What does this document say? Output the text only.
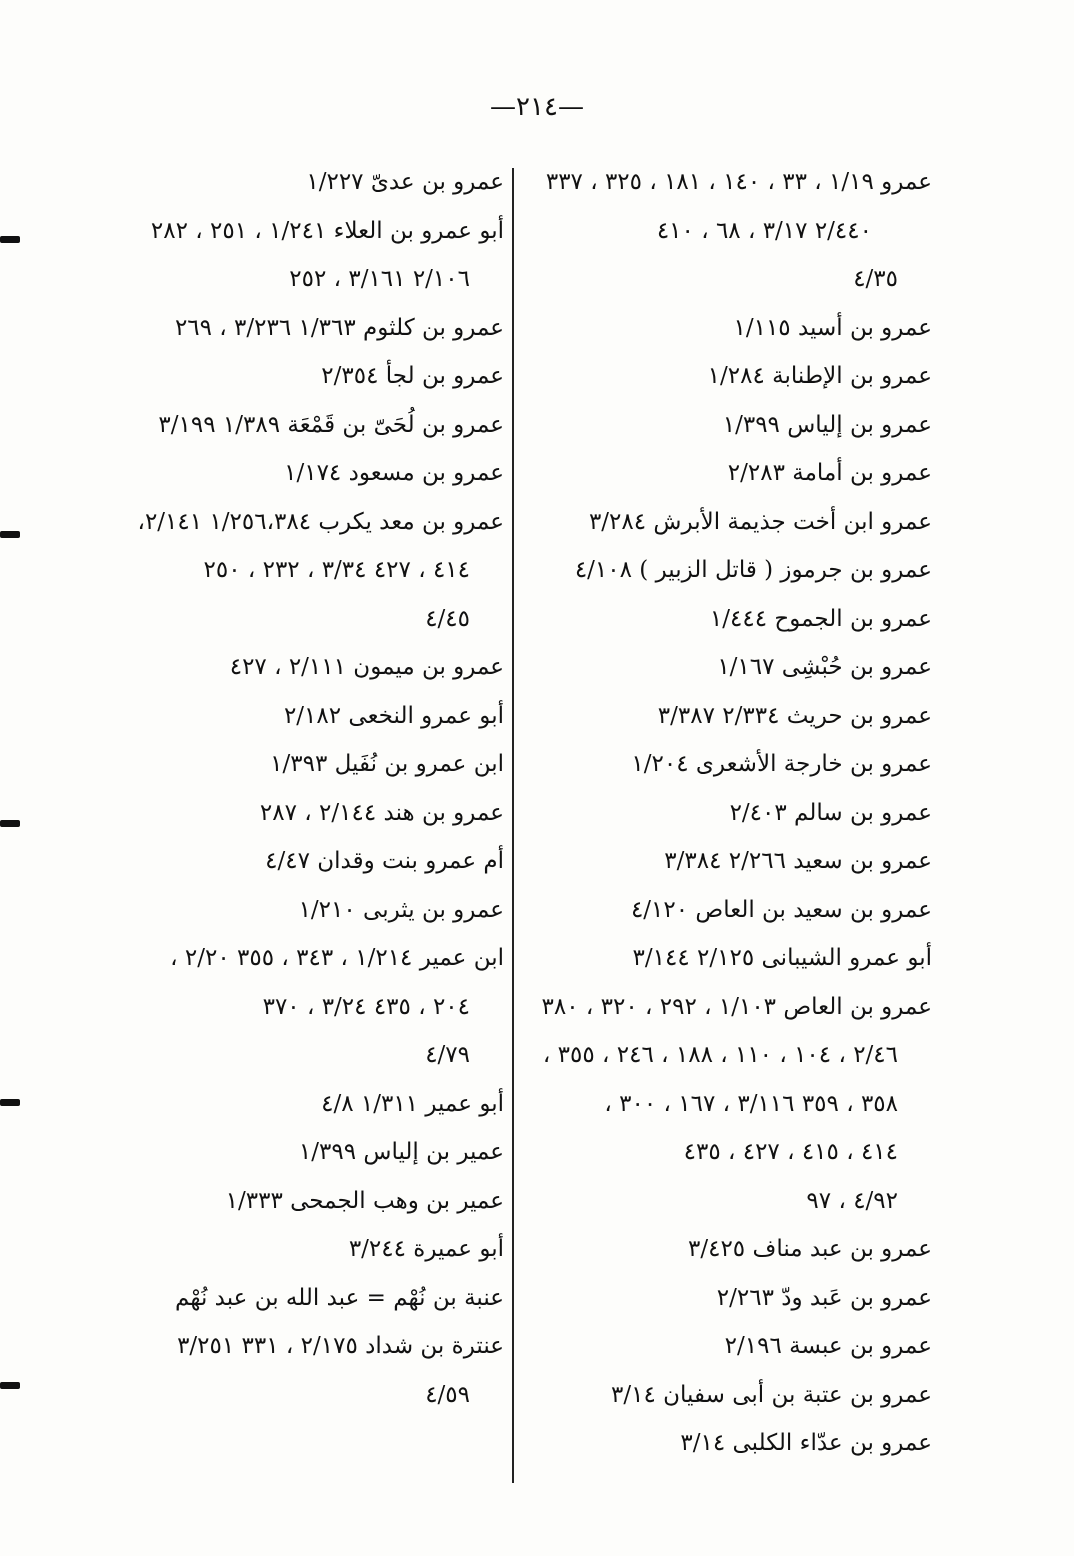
—٢١٤—
عمرو ١/١٩ ، ٣٣ ، ١٤٠ ، ١٨١ ، ٣٢٥ ، ٣٣٧
٢/٤٤٠ ٣/١٧ ، ٦٨ ، ٤١٠
٤/٣٥
عمرو بن أسيد ١/١١٥
عمرو بن الإطنابة ١/٢٨٤
عمرو بن إلياس ١/٣٩٩
عمرو بن أمامة ٢/٢٨٣
عمرو ابن أخت جذيمة الأبرش ٣/٢٨٤
عمرو بن جرموز ( قاتل الزبير ) ٤/١٠٨
عمرو بن الجموح ١/٤٤٤
عمرو بن حُبْشِى ١/١٦٧
عمرو بن حريث ٢/٣٣٤ ٣/٣٨٧
عمرو بن خارجة الأشعرى ١/٢٠٤
عمرو بن سالم ٢/٤٠٣
عمرو بن سعيد ٢/٢٦٦ ٣/٣٨٤
عمرو بن سعيد بن العاص ٤/١٢٠
أبو عمرو الشيبانى ٢/١٢٥ ٣/١٤٤
عمرو بن العاص ١/١٠٣ ، ٢٩٢ ، ٣٢٠ ، ٣٨٠
٢/٤٦ ، ١٠٤ ، ١١٠ ، ١٨٨ ، ٢٤٦ ، ٣٥٥ ،
٣٥٨ ، ٣٥٩ ٣/١١٦ ، ١٦٧ ، ٣٠٠ ،
٤١٤ ، ٤١٥ ، ٤٢٧ ، ٤٣٥
٤/٩٢ ، ٩٧
عمرو بن عبد مناف ٣/٤٢٥
عمرو بن عَبد ودّ ٢/٢٦٣
عمرو بن عبسة ٢/١٩٦
عمرو بن عتبة بن أبى سفيان ٣/١٤
عمرو بن عدّاء الكلبى ٣/١٤
عمرو بن عدىّ ١/٢٢٧
أبو عمرو بن العلاء ١/٢٤١ ، ٢٥١ ، ٢٨٢
٢/١٠٦ ٣/١٦١ ، ٢٥٢
عمرو بن كلثوم ١/٣٦٣ ٣/٢٣٦ ، ٢٦٩
عمرو بن لجأ ٢/٣٥٤
عمرو بن لُحَىّ بن قَمْعَة ١/٣٨٩ ٣/١٩٩
عمرو بن مسعود ١/١٧٤
عمرو بن معد يكرب ١/٢٥٦،٣٨٤ ٢/١٤١،
٤١٤ ، ٤٢٧ ٣/٣٤ ، ٢٣٢ ، ٢٥٠
٤/٤٥
عمرو بن ميمون ٢/١١١ ، ٤٢٧
أبو عمرو النخعى ٢/١٨٢
ابن عمرو بن نُفَيل ١/٣٩٣
عمرو بن هند ٢/١٤٤ ، ٢٨٧
أم عمرو بنت وقدان ٤/٤٧
عمرو بن يثربى ١/٢١٠
ابن عمير ١/٢١٤ ، ٣٤٣ ، ٣٥٥ ٢/٢٠ ،
٢٠٤ ، ٤٣٥ ٣/٢٤ ، ٣٧٠
٤/٧٩
أبو عمير ١/٣١١ ٤/٨
عمير بن إلياس ١/٣٩٩
عمير بن وهب الجمحى ١/٣٣٣
أبو عميرة ٣/٢٤٤
عنبة بن نُهْم = عبد الله بن عبد نُهْم
عنترة بن شداد ٢/١٧٥ ، ٣٣١ ٣/٢٥١
٤/٥٩
